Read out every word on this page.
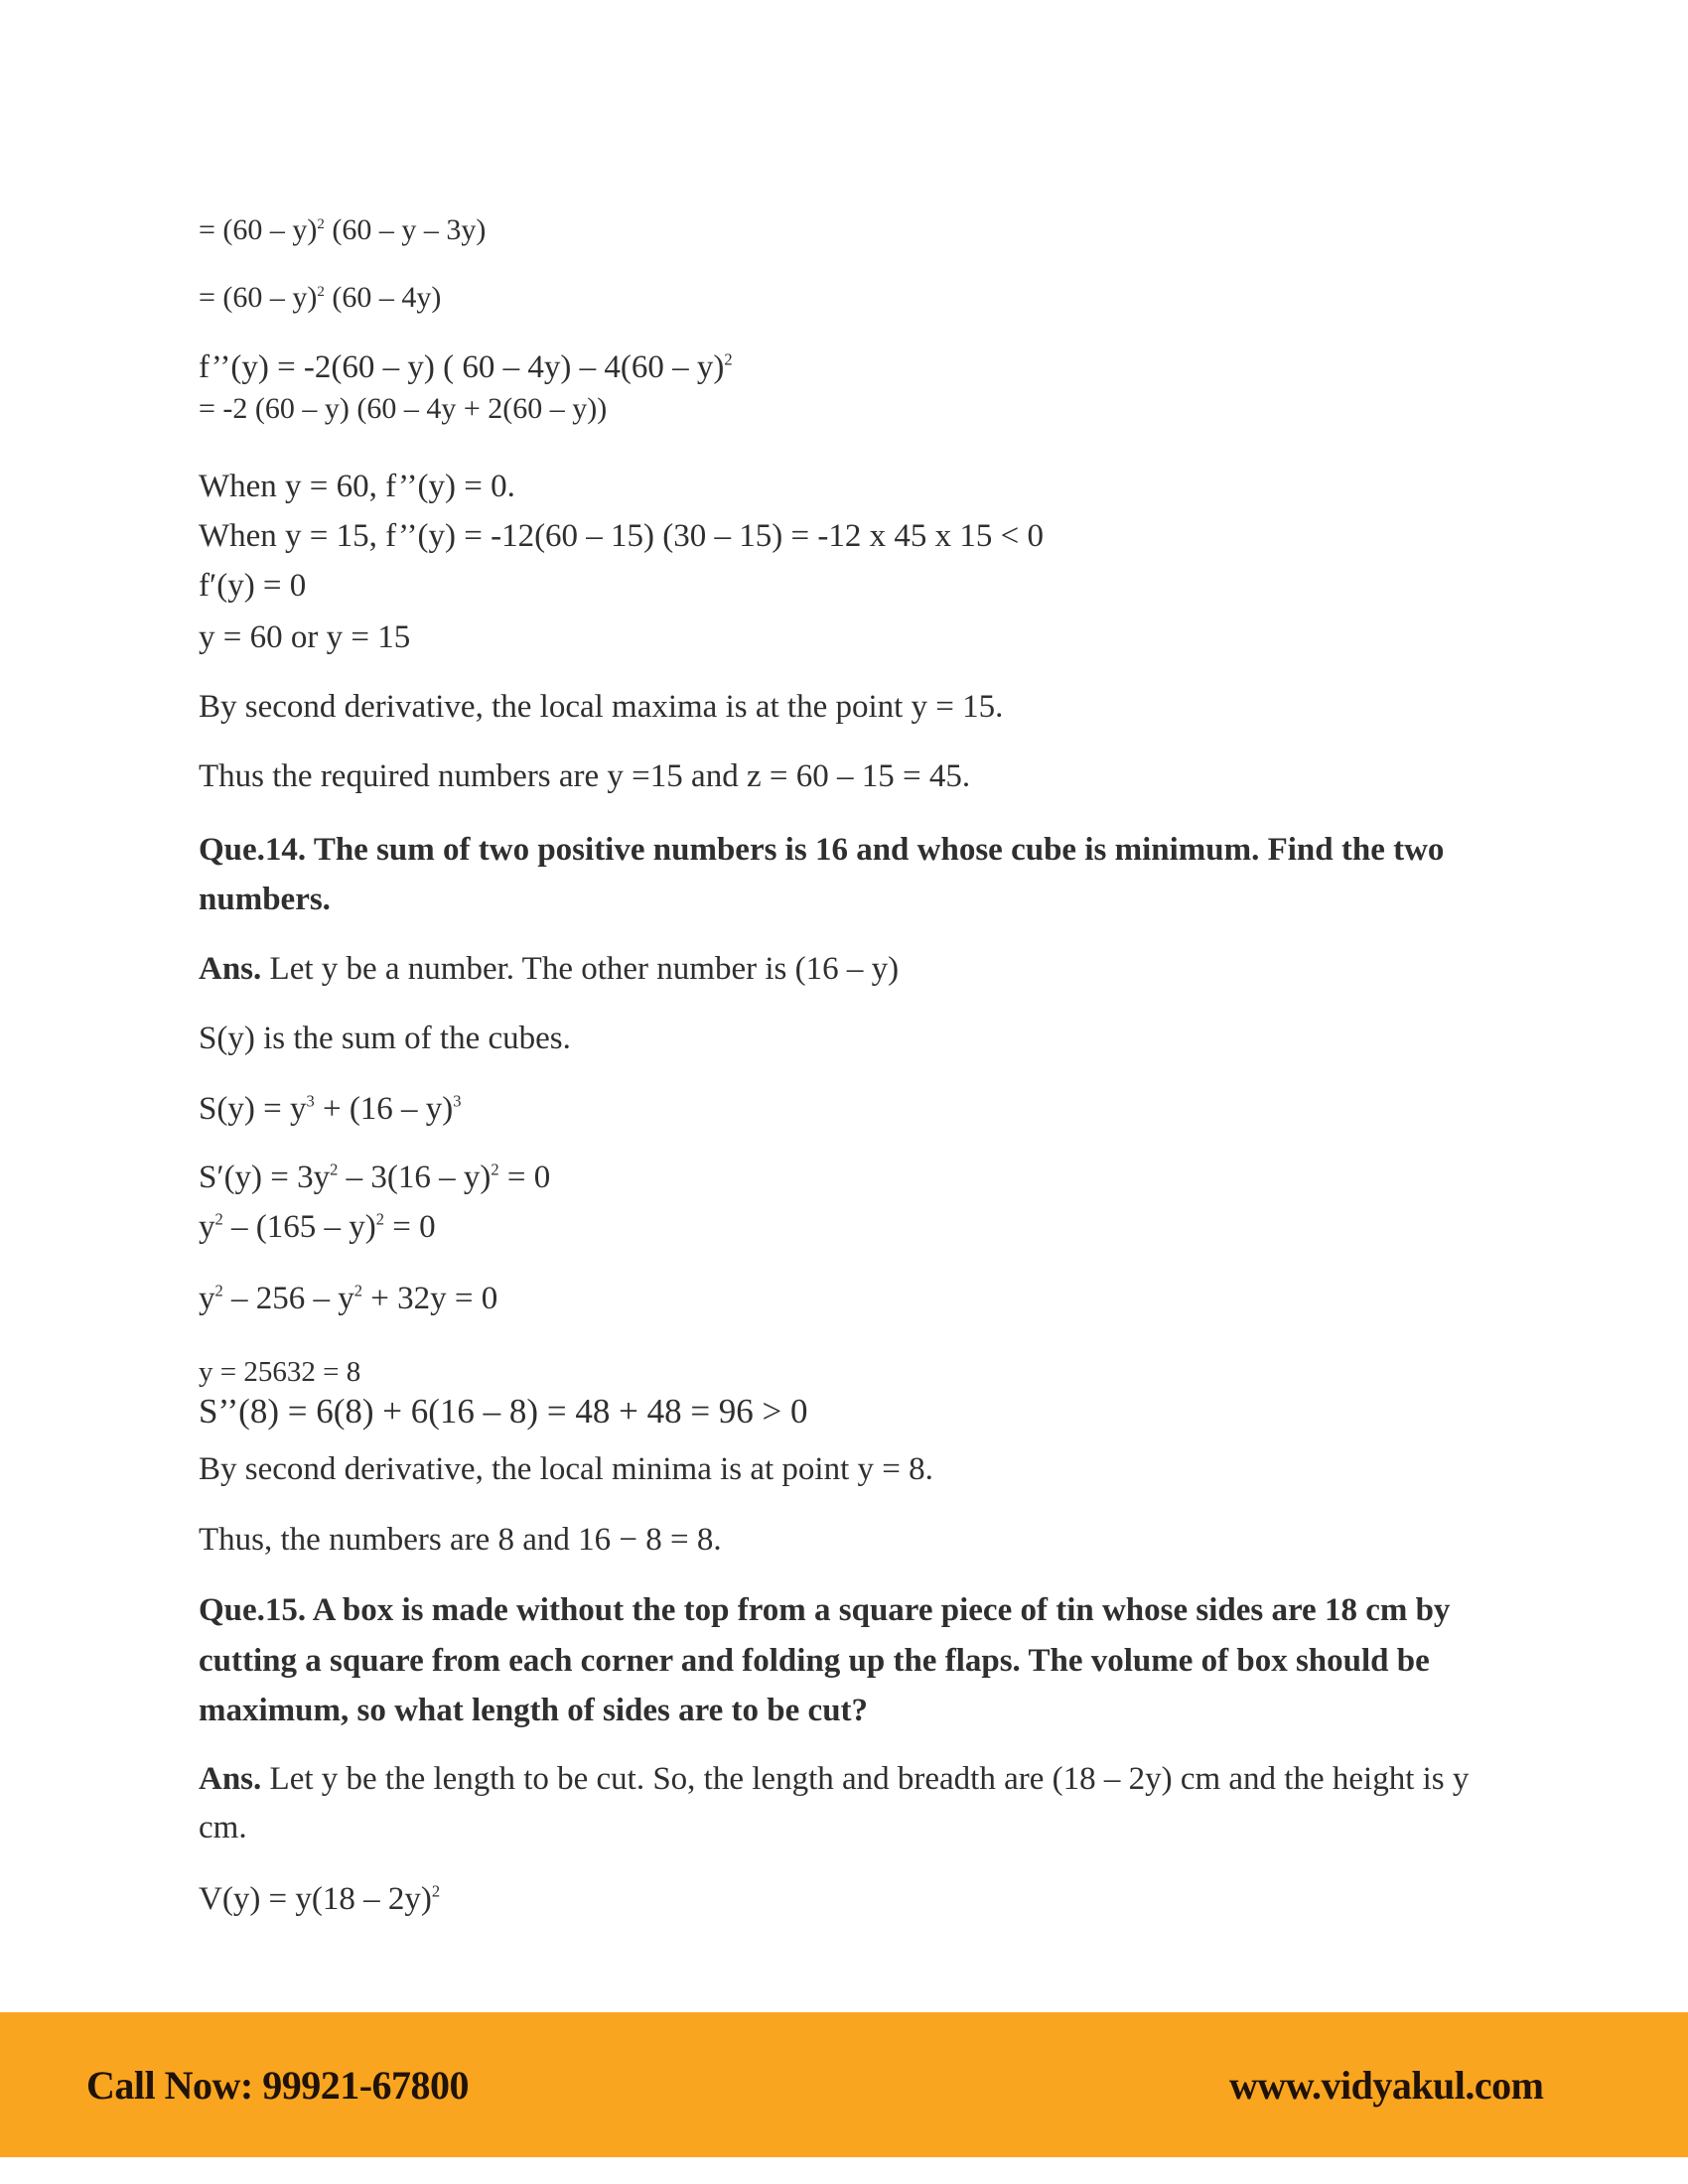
= (60 – y)$^2$ (60 – y – 3y)
= (60 – y)$^2$ (60 – 4y)
f’’(y) = -2(60 – y) ( 60 – 4y) – 4(60 – y)$^2$
= -2 (60 – y) (60 – 4y + 2(60 – y))
When y = 60, f’’(y) = 0.
When y = 15, f’’(y) = -12(60 – 15) (30 – 15) = -12 x 45 x 15 < 0
f′(y) = 0
y = 60 or y = 15
By second derivative, the local maxima is at the point y = 15.
Thus the required numbers are y =15 and z = 60 – 15 = 45.
Que.14. The sum of two positive numbers is 16 and whose cube is minimum. Find the two
numbers.
Ans. Let y be a number. The other number is (16 – y)
S(y) is the sum of the cubes.
$S(y) = y^3 + (16 - y)^3$
$S'(y) = 3y^2 - 3(16 - y)^2 = 0$
$y^2 - (165 - y)^2 = 0$
$y^2 - 256 - y^2 + 32y = 0$
y = 25632 = 8
S’’(8) = 6(8) + 6(16 – 8) = 48 + 48 = 96 > 0
By second derivative, the local minima is at point y = 8.
Thus, the numbers are 8 and 16 − 8 = 8.
Que.15. A box is made without the top from a square piece of tin whose sides are 18 cm by
cutting a square from each corner and folding up the flaps. The volume of box should be
maximum, so what length of sides are to be cut?
Ans. Let y be the length to be cut. So, the length and breadth are (18 – 2y) cm and the height is y
cm.
V(y) = y(18 – 2y)$^2$
Call Now: 99921-67800	www.vidyakul.com
